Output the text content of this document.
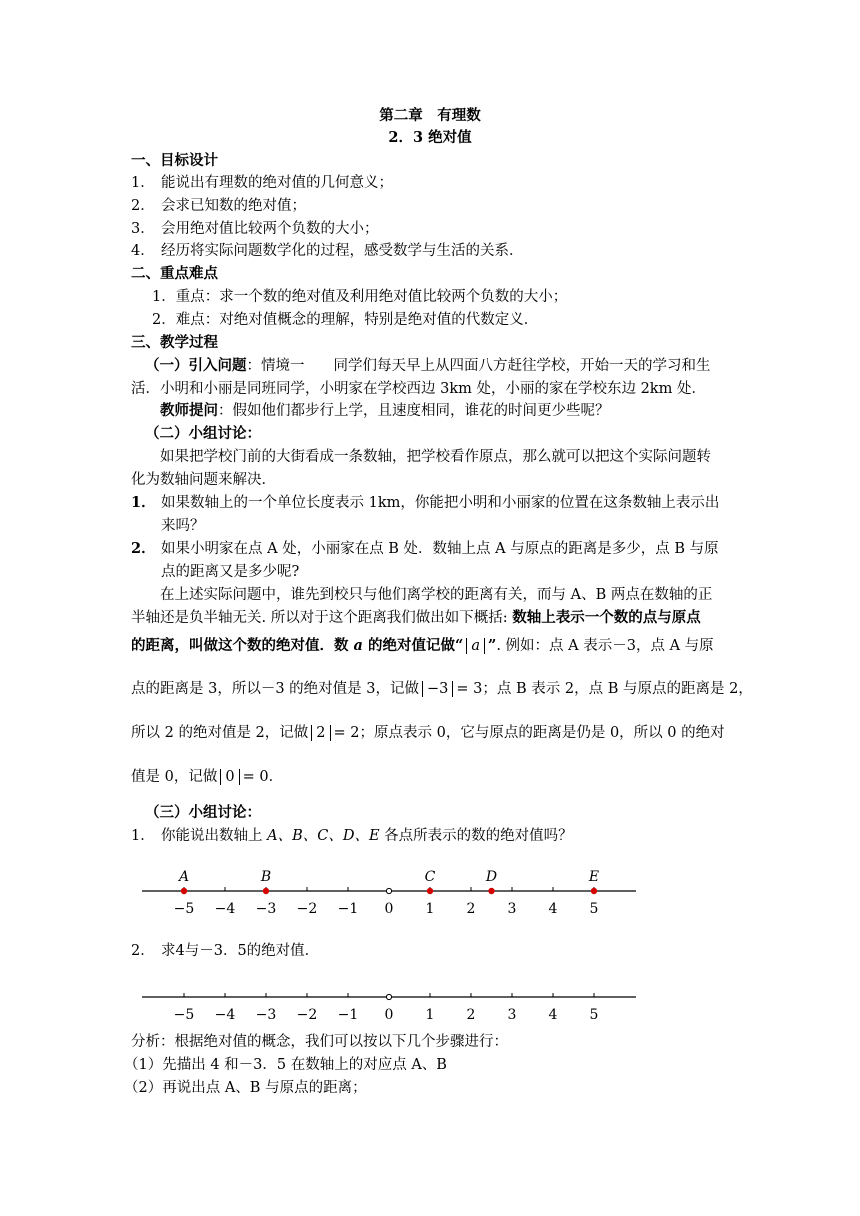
第二章　有理数
2．3 绝对值
一、目标设计
1． 能说出有理数的绝对值的几何意义；
2． 会求已知数的绝对值；
3． 会用绝对值比较两个负数的大小；
4． 经历将实际问题数学化的过程，感受数学与生活的关系．
二、重点难点
1．重点：求一个数的绝对值及利用绝对值比较两个负数的大小；
2．难点：对绝对值概念的理解，特别是绝对值的代数定义．
三、教学过程
（一）引入问题：情境一　　同学们每天早上从四面八方赶往学校，开始一天的学习和生
活．小明和小丽是同班同学，小明家在学校西边 3km 处，小丽的家在学校东边 2km 处．
教师提问：假如他们都步行上学，且速度相同，谁花的时间更少些呢？
（二）小组讨论：
如果把学校门前的大街看成一条数轴，把学校看作原点，那么就可以把这个实际问题转
化为数轴问题来解决．
1． 如果数轴上的一个单位长度表示 1km，你能把小明和小丽家的位置在这条数轴上表示出
来吗？
2． 如果小明家在点 A 处，小丽家在点 B 处．数轴上点 A 与原点的距离是多少，点 B 与原
点的距离又是多少呢?
在上述实际问题中，谁先到校只与他们离学校的距离有关，而与 A、B 两点在数轴的正
半轴还是负半轴无关. 所以对于这个距离我们做出如下概括: 数轴上表示一个数的点与原点
的距离，叫做这个数的绝对值．数 a 的绝对值记做“ a ”. 例如：点 A 表示－3，点 A 与原
点的距离是 3，所以－3 的绝对值是 3，记做 −3 = 3；点 B 表示 2，点 B 与原点的距离是 2，
所以 2 的绝对值是 2，记做 2 = 2；原点表示 0，它与原点的距离是仍是 0，所以 0 的绝对
值是 0，记做 0 = 0．
（三）小组讨论：
1． 你能说出数轴上 A、B、C、D、E 各点所表示的数的绝对值吗？
−5 −4 −3 −2 −1 0 1 2 3 4 5
A	B	C	D	E
2． 求4与－3．5的绝对值．
−5 −4 −3 −2 −1 0 1 2 3 4 5
分析：根据绝对值的概念，我们可以按以下几个步骤进行：
（1）先描出 4 和－3．5 在数轴上的对应点 A、B
（2）再说出点 A、B 与原点的距离；
